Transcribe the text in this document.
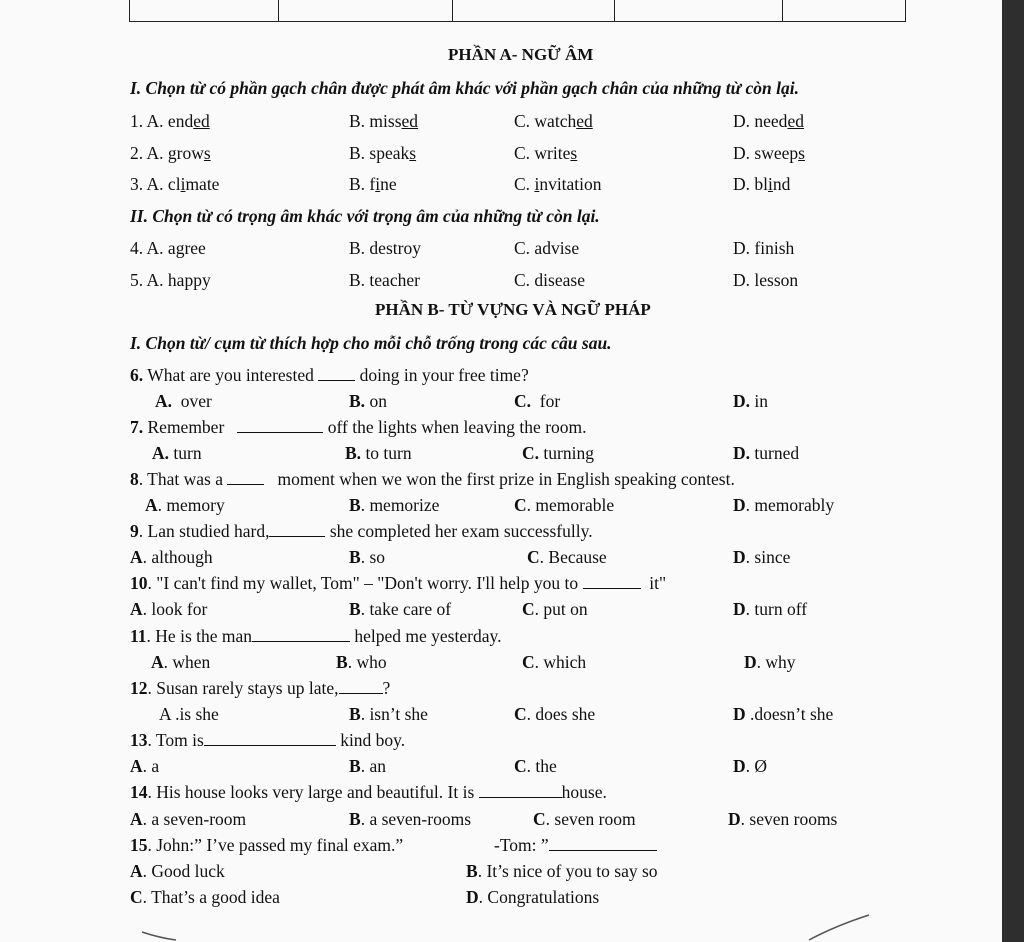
PHẦN A- NGỮ ÂM
I. Chọn từ có phần gạch chân được phát âm khác với phần gạch chân của những từ còn lại.
1. A. ended	B. missed	C. watched	D. needed
2. A. grows	B. speaks	C. writes	D. sweeps
3. A. climate	B. fine	C. invitation	D. blind
II. Chọn từ có trọng âm khác với trọng âm của những từ còn lại.
4. A. agree	B. destroy	C. advise	D. finish
5. A. happy	B. teacher	C. disease	D. lesson
PHẦN B- TỪ VỰNG VÀ NGỮ PHÁP
I. Chọn từ/ cụm từ thích hợp cho mỗi chỗ trống trong các câu sau.
6. What are you interested	doing in your free time?
A. over	B. on	C. for	D. in
7. Remember	off the lights when leaving the room.
A. turn	B. to turn	C. turning	D. turned
8. That was a	moment when we won the first prize in English speaking contest.
A. memory	B. memorize	C. memorable	D. memorably
9. Lan studied hard,	she completed her exam successfully.
A. although	B. so	C. Because	D. since
10. "I can't find my wallet, Tom" – "Don't worry. I'll help you to	it"
A. look for	B. take care of	C. put on	D. turn off
11. He is the man	helped me yesterday.
A. when	B. who	C. which	D. why
12. Susan rarely stays up late,	?
A .is she	B. isn’t she	C. does she	D .doesn’t she
13. Tom is	kind boy.
A. a	B. an	C. the	D. Ø
14. His house looks very large and beautiful. It is	house.
A. a seven-room	B. a seven-rooms	C. seven room	D. seven rooms
15. John:” I’ve passed my final exam.”	-Tom: ”
A. Good luck	B. It’s nice of you to say so
C. That’s a good idea	D. Congratulations
